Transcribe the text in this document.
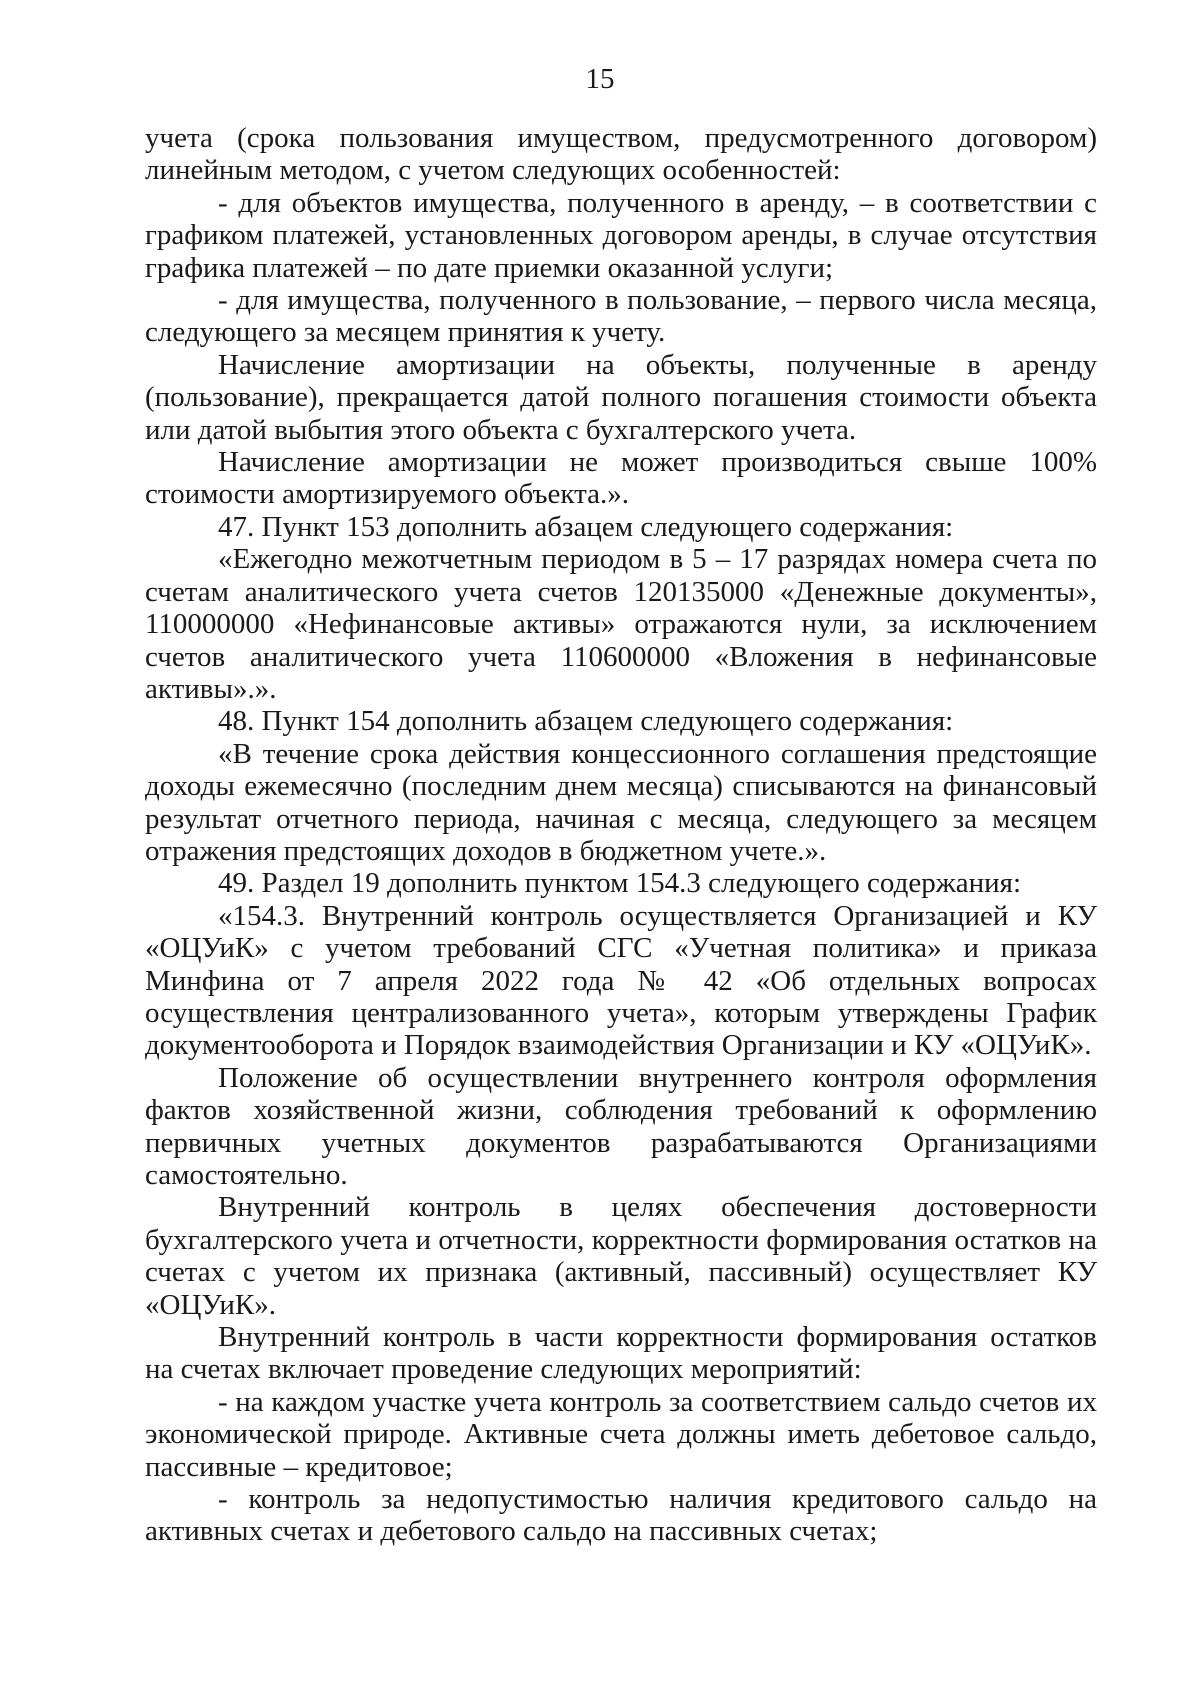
15

учета (срока пользования имуществом, предусмотренного договором) линейным методом, с учетом следующих особенностей:

- для объектов имущества, полученного в аренду, – в соответствии с графиком платежей, установленных договором аренды, в случае отсутствия графика платежей – по дате приемки оказанной услуги;

- для имущества, полученного в пользование, – первого числа месяца, следующего за месяцем принятия к учету.

Начисление амортизации на объекты, полученные в аренду (пользование), прекращается датой полного погашения стоимости объекта или датой выбытия этого объекта с бухгалтерского учета.

Начисление амортизации не может производиться свыше 100% стоимости амортизируемого объекта.».

47. Пункт 153 дополнить абзацем следующего содержания:

«Ежегодно межотчетным периодом в 5 – 17 разрядах номера счета по счетам аналитического учета счетов 120135000 «Денежные документы», 110000000 «Нефинансовые активы» отражаются нули, за исключением счетов аналитического учета 110600000 «Вложения в нефинансовые активы».».

48. Пункт 154 дополнить абзацем следующего содержания:

«В течение срока действия концессионного соглашения предстоящие доходы ежемесячно (последним днем месяца) списываются на финансовый результат отчетного периода, начиная с месяца, следующего за месяцем отражения предстоящих доходов в бюджетном учете.».

49. Раздел 19 дополнить пунктом 154.3 следующего содержания:

«154.3. Внутренний контроль осуществляется Организацией и КУ «ОЦУиК» с учетом требований СГС «Учетная политика» и приказа Минфина от 7 апреля 2022 года № 42 «Об отдельных вопросах осуществления централизованного учета», которым утверждены График документооборота и Порядок взаимодействия Организации и КУ «ОЦУиК».

Положение об осуществлении внутреннего контроля оформления фактов хозяйственной жизни, соблюдения требований к оформлению первичных учетных документов разрабатываются Организациями самостоятельно.

Внутренний контроль в целях обеспечения достоверности бухгалтерского учета и отчетности, корректности формирования остатков на счетах с учетом их признака (активный, пассивный) осуществляет КУ «ОЦУиК».

Внутренний контроль в части корректности формирования остатков на счетах включает проведение следующих мероприятий:

- на каждом участке учета контроль за соответствием сальдо счетов их экономической природе. Активные счета должны иметь дебетовое сальдо, пассивные – кредитовое;

- контроль за недопустимостью наличия кредитового сальдо на активных счетах и дебетового сальдо на пассивных счетах;
